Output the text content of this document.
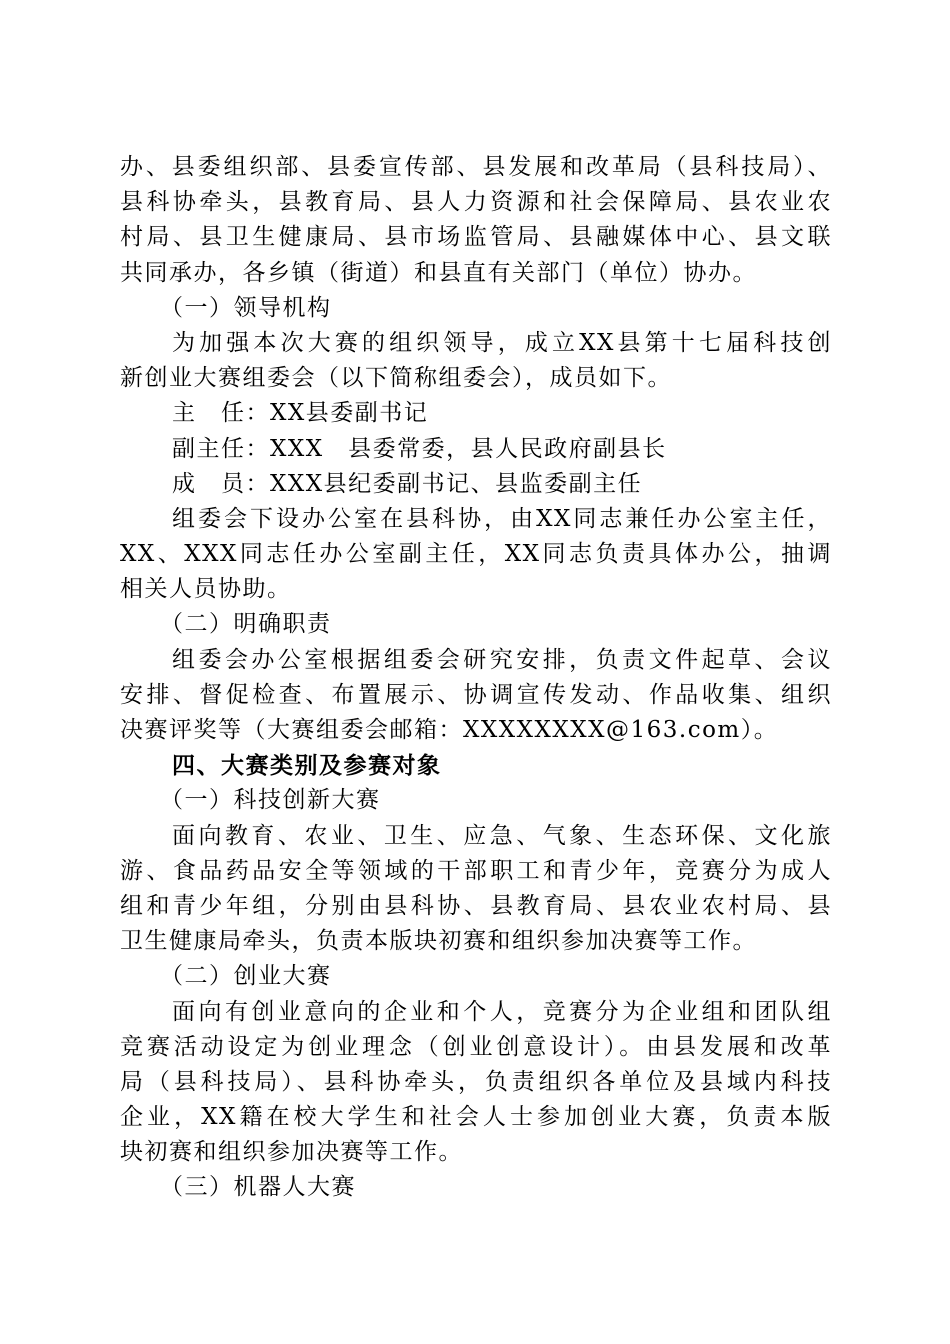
办、县委组织部、县委宣传部、县发展和改革局（县科技局）、
县科协牵头，县教育局、县人力资源和社会保障局、县农业农
村局、县卫生健康局、县市场监管局、县融媒体中心、县文联
共同承办，各乡镇（街道）和县直有关部门（单位）协办。
（一）领导机构
为加强本次大赛的组织领导，成立XX县第十七届科技创
新创业大赛组委会（以下简称组委会），成员如下。
主　任：XX县委副书记
副主任：XXX　县委常委，县人民政府副县长
成　员：XXX县纪委副书记、县监委副主任
组委会下设办公室在县科协，由XX同志兼任办公室主任，
XX、XXX同志任办公室副主任，XX同志负责具体办公，抽调
相关人员协助。
（二）明确职责
组委会办公室根据组委会研究安排，负责文件起草、会议
安排、督促检查、布置展示、协调宣传发动、作品收集、组织
决赛评奖等（大赛组委会邮箱：XXXXXXXX@163.com）。
四、大赛类别及参赛对象
（一）科技创新大赛
面向教育、农业、卫生、应急、气象、生态环保、文化旅
游、食品药品安全等领域的干部职工和青少年，竞赛分为成人
组和青少年组，分别由县科协、县教育局、县农业农村局、县
卫生健康局牵头，负责本版块初赛和组织参加决赛等工作。
（二）创业大赛
面向有创业意向的企业和个人，竞赛分为企业组和团队组
竞赛活动设定为创业理念（创业创意设计）。由县发展和改革
局（县科技局）、县科协牵头，负责组织各单位及县域内科技
企业，XX籍在校大学生和社会人士参加创业大赛，负责本版
块初赛和组织参加决赛等工作。
（三）机器人大赛
